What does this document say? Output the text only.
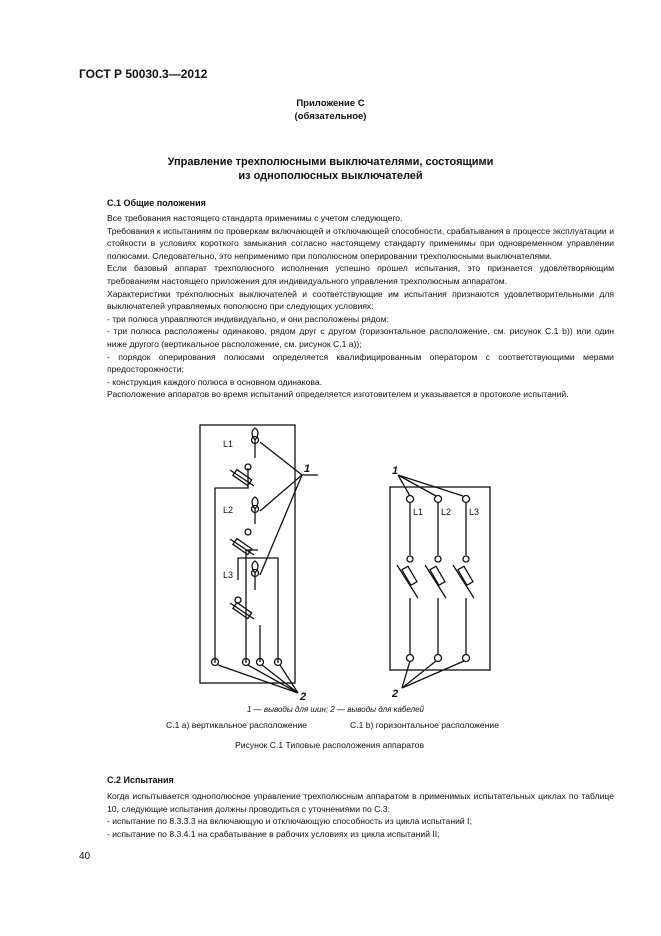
ГОСТ Р 50030.3—2012
Приложение С
(обязательное)
Управление трехполюсными выключателями, состоящими
из однополюсных выключателей
С.1 Общие положения

Все требования настоящего стандарта применимы с учетом следующего.

Требования к испытаниям по проверкам включающей и отключающей способности, срабатывания в процессе эксплуатации и стойкости в условиях короткого замыкания согласно настоящему стандарту применимы при одновременном управлении полюсами. Следовательно, это неприменимо при пополюсном оперировании трехполюсными выключателями.

Если базовый аппарат трехполюсного исполнения успешно прошел испытания, это признается удовлетворяющим требованиям настоящего приложения для индивидуального управления трехполюсным аппаратом.

Характеристики трехполюсных выключателей и соответствующие им испытания признаются удовлетворительными для выключателей управляемых пополюсно при следующих условиях:

- три полюса управляются индивидуально, и они расположены рядом;

- три полюса расположены одинаково, рядом друг с другом (горизонтальное расположение, см. рисунок С.1 b)) или один ниже другого (вертикальное расположение, см. рисунок С.1 а));

- порядок оперирования полюсами определяется квалифицированным оператором с соответствующими мерами предосторожности;

- конструкция каждого полюса в основном одинакова.

Расположение аппаратов во время испытаний определяется изготовителем и указывается в протоколе испытаний.

L1
L2
L3
L1 L2 L3
1
2
1
2
1 — выводы для шин; 2 — выводы для кабелей
С.1 а) вертикальное расположение	С.1 b) горизонтальное расположение
Рисунок С.1 Типовые расположения аппаратов
С.2 Испытания

Когда испытывается однополюсное управление трехполюсным аппаратом в применимых испытательных циклах по таблице 10, следующие испытания должны проводиться с уточнениями по С.3:

- испытание по 8.3.3.3 на включающую и отключающую способность из цикла испытаний I;

- испытание по 8.3.4.1 на срабатывание в рабочих условиях из цикла испытаний II;

40
